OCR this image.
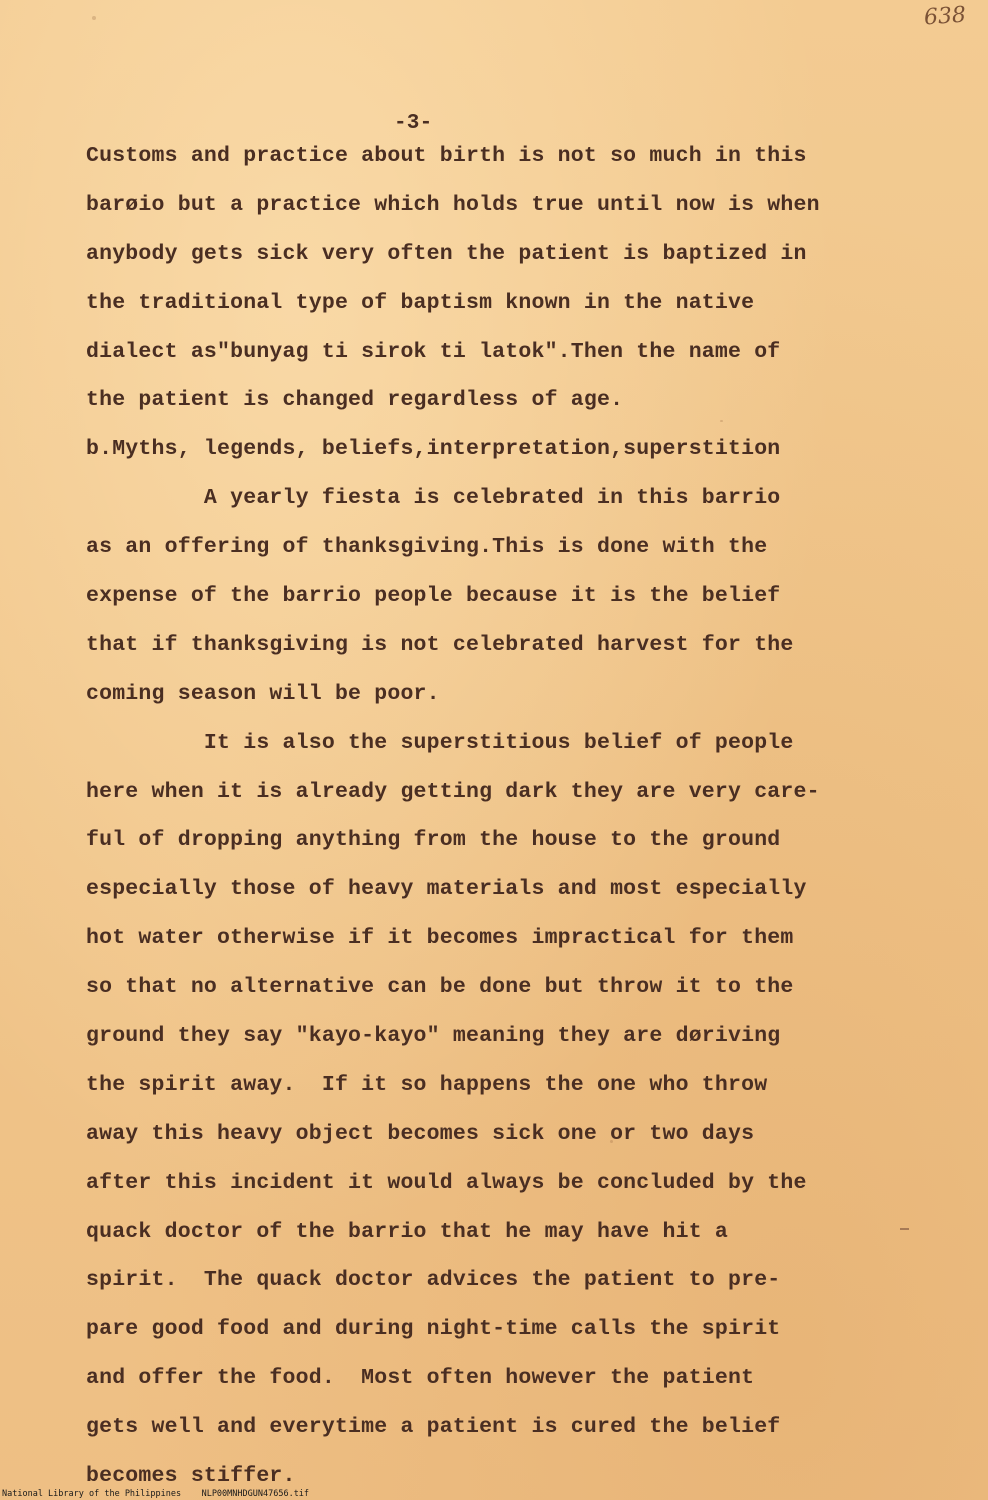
638
-3-
Customs and practice about birth is not so much in this
barøio but a practice which holds true until now is when
anybody gets sick very often the patient is baptized in
the traditional type of baptism known in the native
dialect as"bunyag ti sirok ti latok".Then the name of
the patient is changed regardless of age.
b.Myths, legends, beliefs,interpretation,superstition
A yearly fiesta is celebrated in this barrio
as an offering of thanksgiving.This is done with the
expense of the barrio people because it is the belief
that if thanksgiving is not celebrated harvest for the
coming season will be poor.
It is also the superstitious belief of people
here when it is already getting dark they are very care-
ful of dropping anything from the house to the ground
especially those of heavy materials and most especially
hot water otherwise if it becomes impractical for them
so that no alternative can be done but throw it to the
ground they say "kayo-kayo" meaning they are døriving
the spirit away.  If it so happens the one who throw
away this heavy object becomes sick one or two days
after this incident it would always be concluded by the
quack doctor of the barrio that he may have hit a
spirit.  The quack doctor advices the patient to pre-
pare good food and during night-time calls the spirit
and offer the food.  Most often however the patient
gets well and everytime a patient is cured the belief
becomes stiffer.
National Library of the Philippines    NLP00MNHDGUN47656.tif
